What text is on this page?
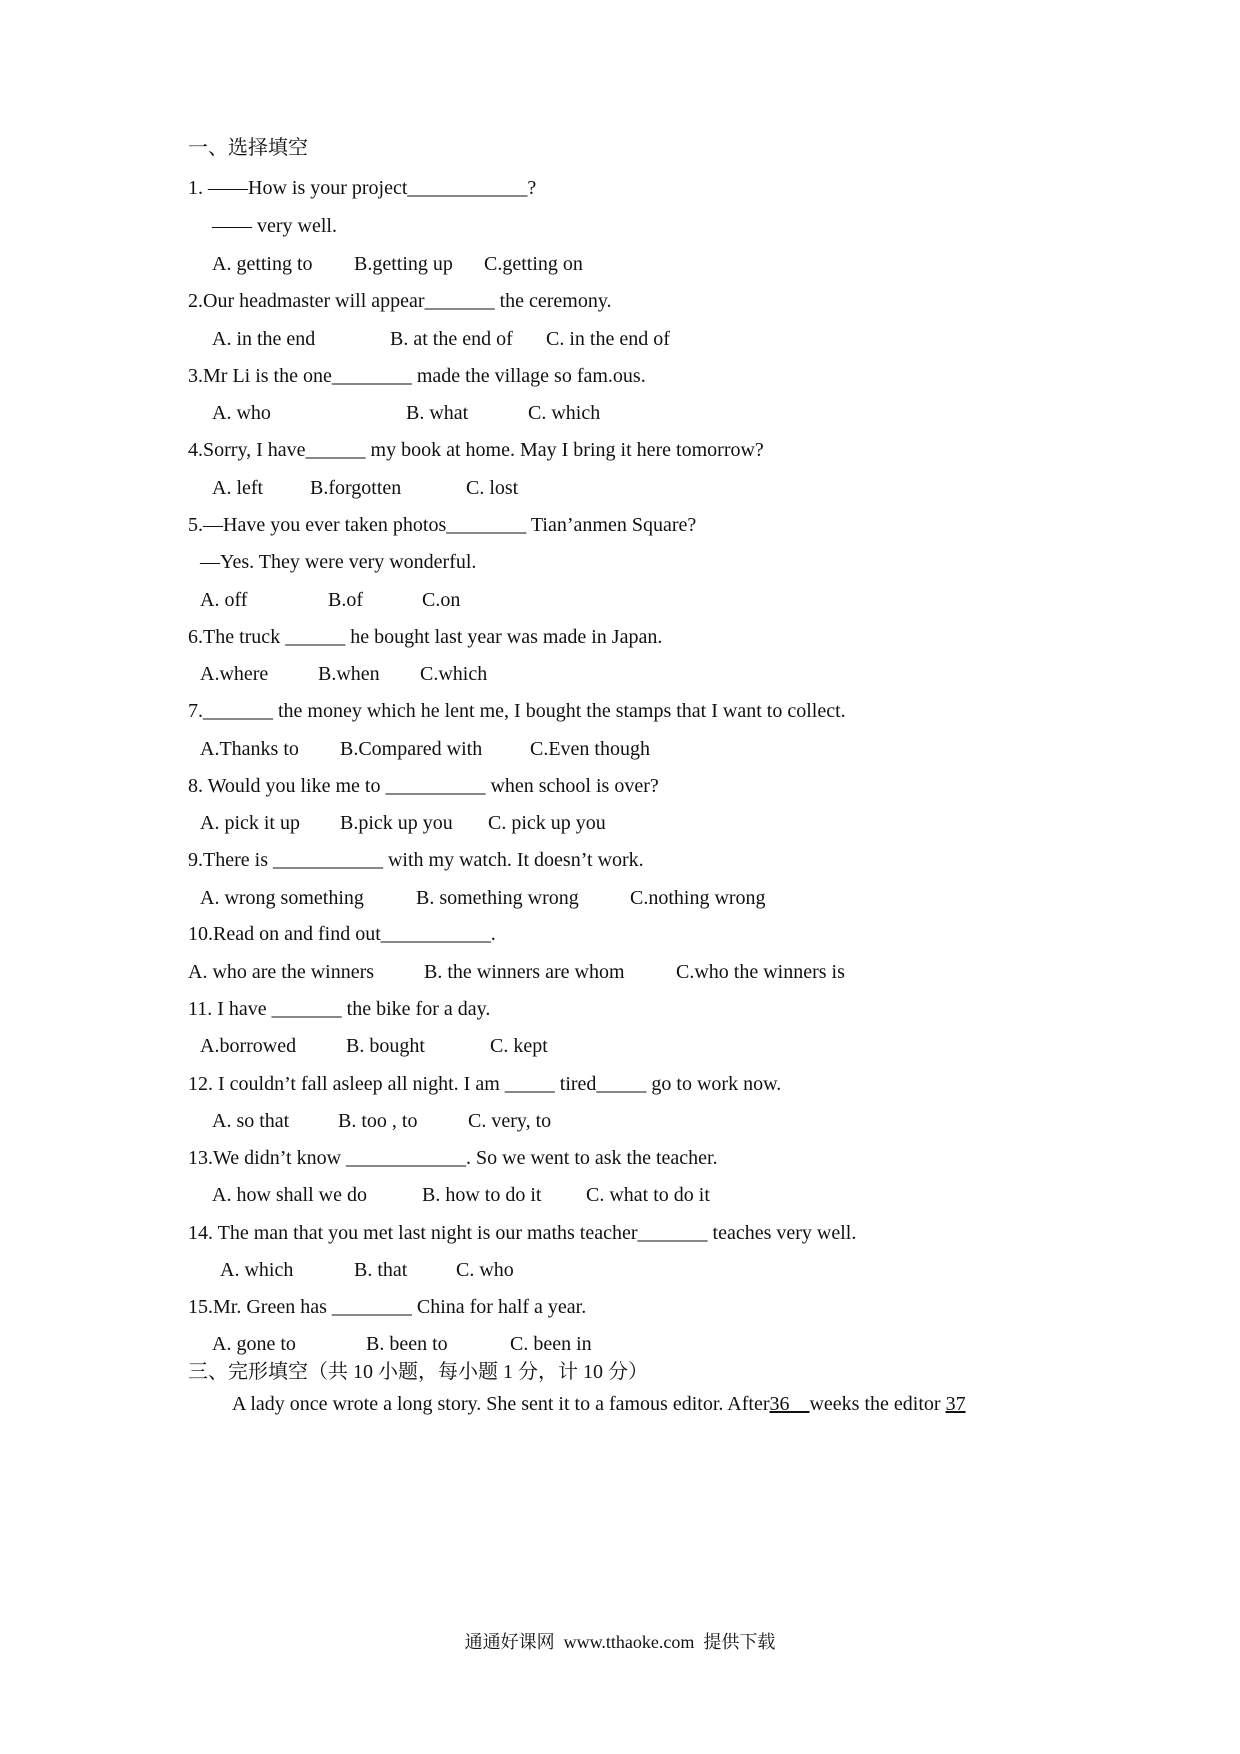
一、选择填空
1. ——How is your project____________?
—— very well.
A. getting to B.getting up C.getting on
2.Our headmaster will appear_______ the ceremony.
A. in the end	B. at the end of C. in the end of
3.Mr Li is the one________ made the village so fam.ous.
A. who	B. what	C. which
4.Sorry, I have______ my book at home. May I bring it here tomorrow?
A. left B.forgotten	C. lost
5.—Have you ever taken photos________ Tian’anmen Square?
—Yes. They were very wonderful.
A. off	B.of	C.on
6.The truck ______ he bought last year was made in Japan.
A.where B.when C.which
7._______ the money which he lent me, I bought the stamps that I want to collect.
A.Thanks to B.Compared with C.Even though
8. Would you like me to __________ when school is over?
A. pick it up B.pick up you C. pick up you
9.There is ___________ with my watch. It doesn’t work.
A. wrong something	B. something wrong	C.nothing wrong
10.Read on and find out___________.
A. who are the winners B. the winners are whom	C.who the winners is
11. I have _______ the bike for a day.
A.borrowed B. bought	C. kept
12. I couldn’t fall asleep all night. I am _____ tired_____ go to work now.
A. so that B. too , to	C. very, to
13.We didn’t know ____________. So we went to ask the teacher.
A. how shall we do	B. how to do it C. what to do it
14. The man that you met last night is our maths teacher_______ teaches very well.
A. which	B. that C. who
15.Mr. Green has ________ China for half a year.
A. gone to	B. been to	C. been in
三、完形填空（共 10 小题，每小题 1 分，计 10 分）
A lady once wrote a long story. She sent it to a famous editor. After36 weeks the editor 37
通通好课网  www.tthaoke.com  提供下载
